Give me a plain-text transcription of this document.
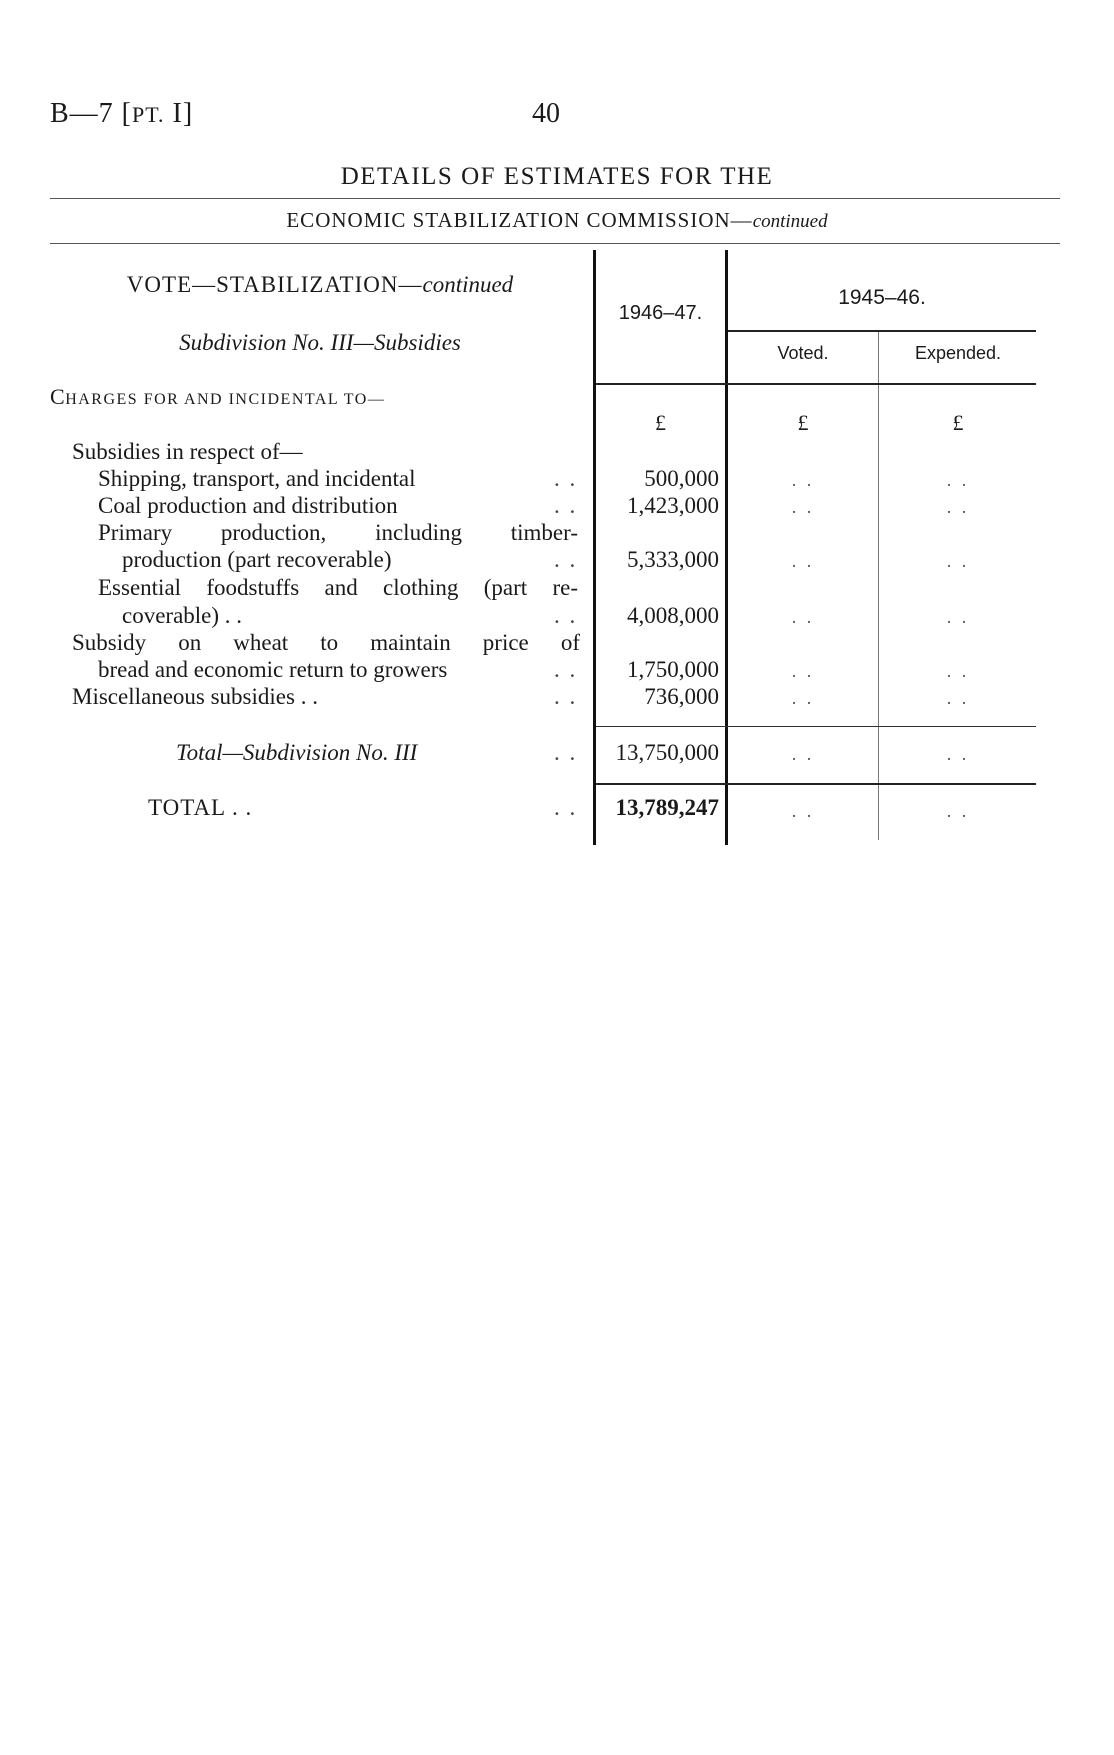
B—7 [PT. I]	40
DETAILS OF ESTIMATES FOR THE
ECONOMIC STABILIZATION COMMISSION—continued
VOTE—STABILIZATION—continued
Subdivision No. III—Subsidies
1946–47.
1945–46.
Voted.	Expended.
CHARGES FOR AND INCIDENTAL TO—
£	£	£
Subsidies in respect of—
Shipping, transport, and incidental	. .	500,000	. .	. .
Coal production and distribution	. .	1,423,000	. .	. .
Primary production, including timber-
production (part recoverable)	. .	5,333,000	. .	. .
Essential foodstuffs and clothing (part re-
coverable) . .	. .	4,008,000	. .	. .
Subsidy on wheat to maintain price of
bread and economic return to growers	. .	1,750,000	. .	. .
Miscellaneous subsidies . .	. .	736,000	. .	. .
Total—Subdivision No. III	. .	13,750,000	. .	. .
TOTAL . .	. .	13,789,247	. .	. .
